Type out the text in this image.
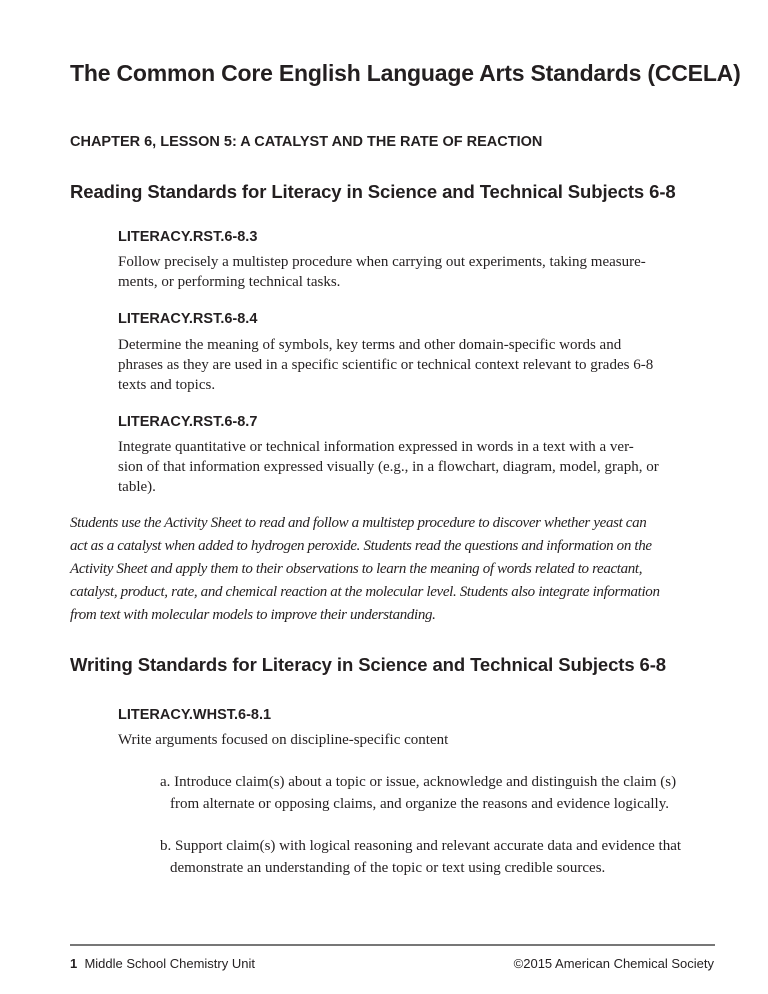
The Common Core English Language Arts Standards (CCELA)
CHAPTER 6, LESSON 5: A CATALYST AND THE RATE OF REACTION
Reading Standards for Literacy in Science and Technical Subjects 6-8
LITERACY.RST.6-8.3
Follow precisely a multistep procedure when carrying out experiments, taking measure-
ments, or performing technical tasks.
LITERACY.RST.6-8.4
Determine the meaning of symbols, key terms and other domain-specific words and
phrases as they are used in a specific scientific or technical context relevant to grades 6-8
texts and topics.
LITERACY.RST.6-8.7
Integrate quantitative or technical information expressed in words in a text with a ver-
sion of that information expressed visually (e.g., in a flowchart, diagram, model, graph, or
table).
Students use the Activity Sheet to read and follow a multistep procedure to discover whether yeast can
act as a catalyst when added to hydrogen peroxide. Students read the questions and information on the
Activity Sheet and apply them to their observations to learn the meaning of words related to reactant,
catalyst, product, rate, and chemical reaction at the molecular level. Students also integrate information
from text with molecular models to improve their understanding.
Writing Standards for Literacy in Science and Technical Subjects 6-8
LITERACY.WHST.6-8.1
Write arguments focused on discipline-specific content
a. Introduce claim(s) about a topic or issue, acknowledge and distinguish the claim (s)
from alternate or opposing claims, and organize the reasons and evidence logically.
b. Support claim(s) with logical reasoning and relevant accurate data and evidence that
demonstrate an understanding of the topic or text using credible sources.
1 Middle School Chemistry Unit	©2015 American Chemical Society
